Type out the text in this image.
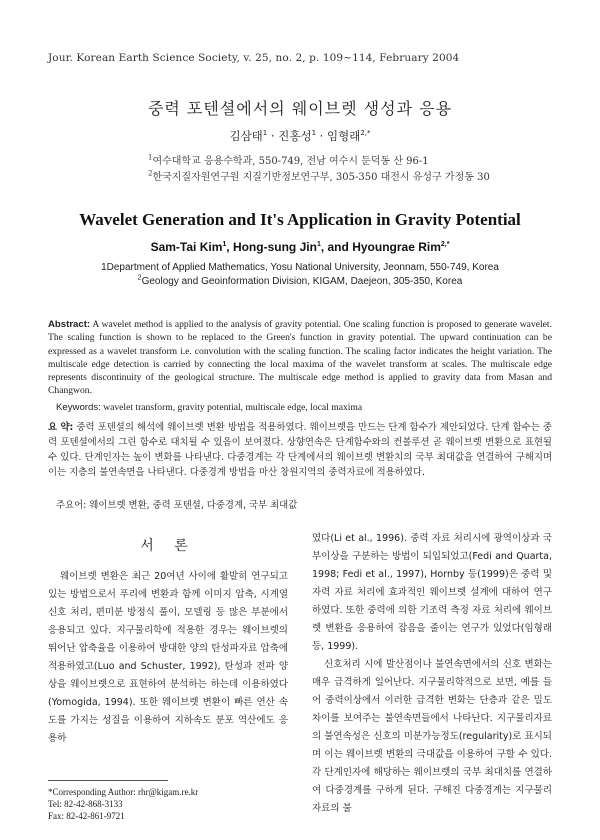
Jour. Korean Earth Science Society, v. 25, no. 2, p. 109~114, February 2004
중력 포텐셜에서의 웨이브렛 생성과 응용
김삼태$^1$ · 진홍성$^1$ · 임형래$^{2,*}$
$^1$여수대학교 응용수학과, 550-749, 전남 여수시 둔덕동 산 96-1
$^2$한국지질자원연구원 지질기반정보연구부, 305-350 대전시 유성구 가정동 30
Wavelet Generation and It's Application in Gravity Potential
Sam-Tai Kim$^1$, Hong-sung Jin$^1$, and Hyoungrae Rim$^{2,*}$
1Department of Applied Mathematics, Yosu National University, Jeonnam, 550-749, Korea
$^2$Geology and Geoinformation Division, KIGAM, Daejeon, 305-350, Korea
Abstract: A wavelet method is applied to the analysis of gravity potential. One scaling function is proposed to generate wavelet. The scaling function is shown to be replaced to the Green's function in gravity potential. The upward continuation can be expressed as a wavelet transform i.e. convolution with the scaling function. The scaling factor indicates the height variation. The multiscale edge detection is carried by connecting the local maxima of the wavelet transform at scales. The multiscale edge represents discontinuity of the geological structure. The multiscale edge method is applied to gravity data from Masan and Changwon.
Keywords: wavelet transform, gravity potential, multiscale edge, local maxima
요 약: 중력 포텐셜의 해석에 웨이브렛 변환 방법을 적용하였다. 웨이브렛을 만드는 단계 함수가 제안되었다. 단계 함수는 중력 포텐셜에서의 그린 함수로 대치될 수 있음이 보여졌다. 상향연속은 단계함수와의 컨볼루션 곧 웨이브렛 변환으로 표현될 수 있다. 단계인자는 높이 변화를 나타낸다. 다중경계는 각 단계에서의 웨이브렛 변환치의 국부 최대값을 연결하여 구해지며 이는 지층의 불연속면을 나타낸다. 다중경계 방법을 마산 창원지역의 중력자료에 적용하였다.
주요어: 웨이브렛 변환, 중력 포텐셜, 다중경계, 국부 최대값
서 론

웨이브렛 변환은 최근 20여년 사이에 활발히 연구되고 있는 방법으로서 푸리에 변환과 함께 이미지 압축, 시계열 신호 처리, 편미분 방정식 풀이, 모델링 등 많은 부분에서 응용되고 있다. 지구물리학에 적용한 경우는 웨이브렛의 뛰어난 압축율을 이용하여 방대한 양의 탄성파자료 압축에 적용하였고(Luo and Schuster, 1992), 탄성과 전파 양상을 웨이브렛으로 표현하여 분석하는 하는데 이용하였다(Yomogida, 1994). 또한 웨이브렛 변환이 빠른 연산 속도를 가지는 성질을 이용하여 지하속도 분포 역산에도 응용하

였다(Li et al., 1996). 중력 자료 처리시에 광역이상과 국부이상을 구분하는 방법이 되입되었고(Fedi and Quarta, 1998; Fedi et al., 1997), Hornby 등(1999)은 중력 및 자력 자료 처리에 효과적인 웨이브렛 설계에 대하여 연구하였다. 또한 중력에 의한 기조력 측정 자료 처리에 웨이브렛 변환을 응용하여 잡음을 줄이는 연구가 있었다(임형래 등, 1999).

신호처리 시에 발산점이나 불연속면에서의 신호 변화는 매우 급격하게 일어난다. 지구물리학적으로 보면, 예를 들어 중력이상에서 이러한 급격한 변화는 단층과 같은 밀도차이를 보여주는 불연속면들에서 나타난다. 지구물리자료의 불연속성은 신호의 미분가능정도(regularity)로 표시되며 이는 웨이브렛 변환의 극대값을 이용하여 구할 수 있다. 각 단계인자에 해당하는 웨이브렛의 국부 최대치를 연결하여 다중경계를 구하게 된다. 구해진 다중경계는 지구물리자료의 불

*Corresponding Author: rhr@kigam.re.kr
Tel: 82-42-868-3133
Fax: 82-42-861-9721
